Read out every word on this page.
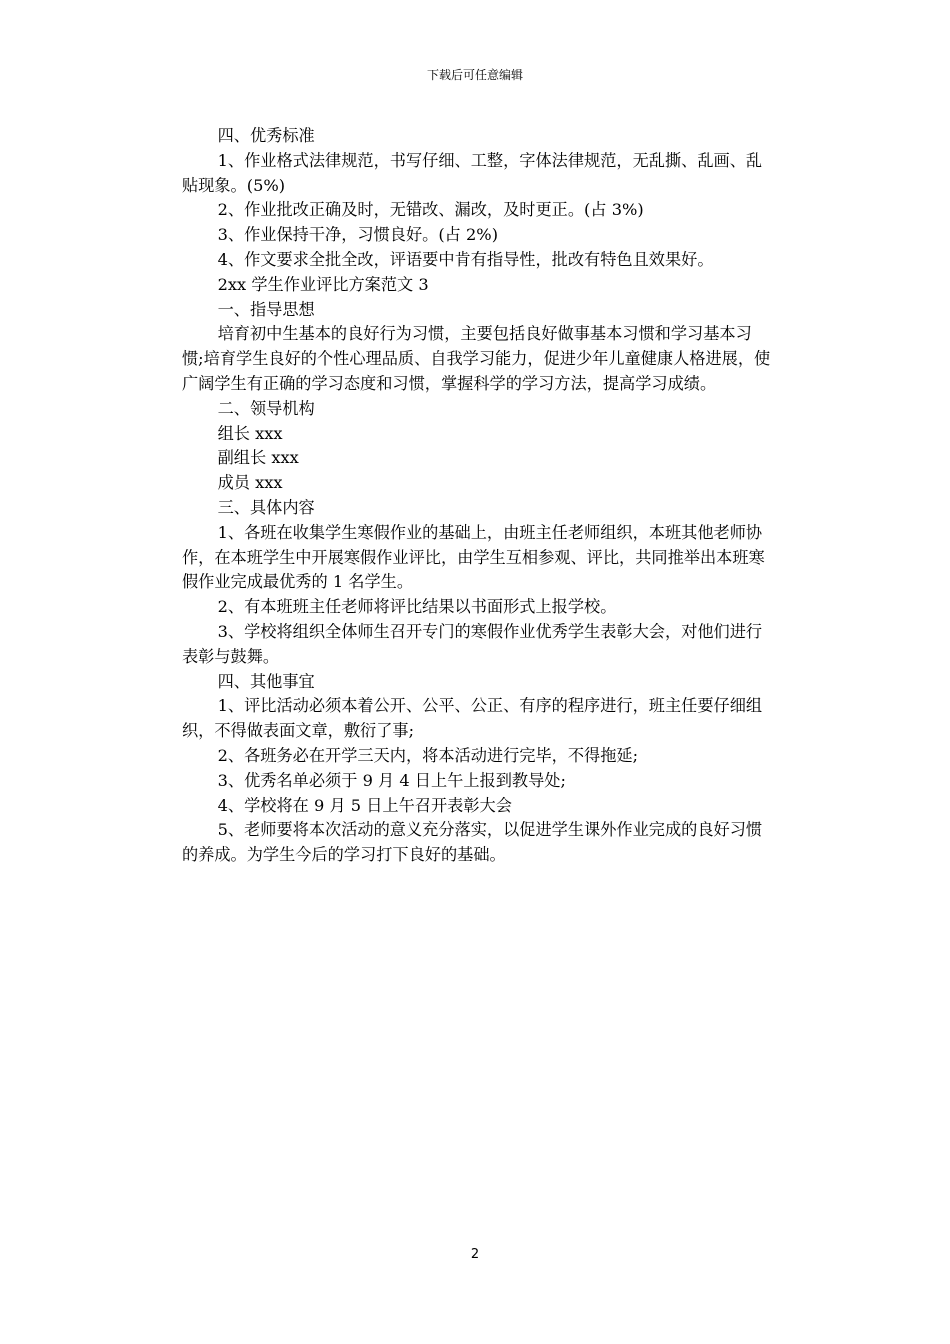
下载后可任意编辑

四、优秀标准

1、作业格式法律规范，书写仔细、工整，字体法律规范，无乱撕、乱画、乱贴现象。(5%)

2、作业批改正确及时，无错改、漏改，及时更正。(占 3%)

3、作业保持干净，习惯良好。(占 2%)

4、作文要求全批全改，评语要中肯有指导性，批改有特色且效果好。

2xx 学生作业评比方案范文 3

一、指导思想

培育初中生基本的良好行为习惯，主要包括良好做事基本习惯和学习基本习惯;培育学生良好的个性心理品质、自我学习能力，促进少年儿童健康人格进展，使广阔学生有正确的学习态度和习惯，掌握科学的学习方法，提高学习成绩。

二、领导机构

组长 xxx

副组长 xxx

成员 xxx

三、具体内容

1、各班在收集学生寒假作业的基础上，由班主任老师组织，本班其他老师协作，在本班学生中开展寒假作业评比，由学生互相参观、评比，共同推举出本班寒假作业完成最优秀的 1 名学生。

2、有本班班主任老师将评比结果以书面形式上报学校。

3、学校将组织全体师生召开专门的寒假作业优秀学生表彰大会，对他们进行表彰与鼓舞。

四、其他事宜

1、评比活动必须本着公开、公平、公正、有序的程序进行，班主任要仔细组织，不得做表面文章，敷衍了事;

2、各班务必在开学三天内，将本活动进行完毕，不得拖延;

3、优秀名单必须于 9 月 4 日上午上报到教导处;

4、学校将在 9 月 5 日上午召开表彰大会

5、老师要将本次活动的意义充分落实，以促进学生课外作业完成的良好习惯的养成。为学生今后的学习打下良好的基础。

2
